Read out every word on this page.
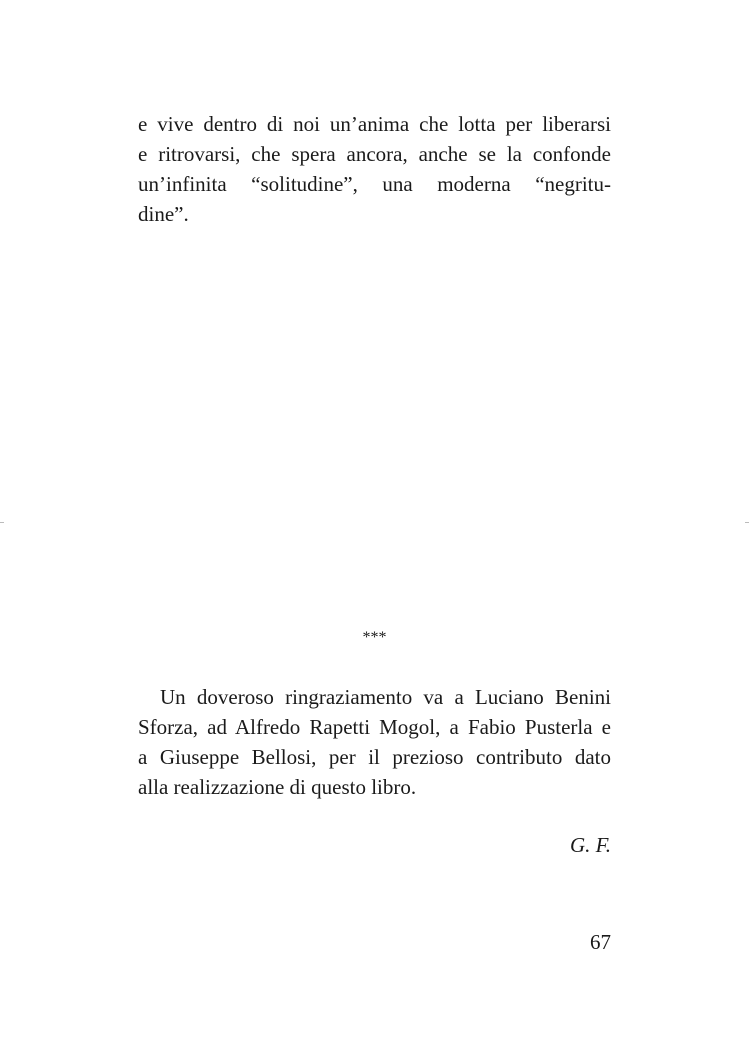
e vive dentro di noi un’anima che lotta per liberarsi
e ritrovarsi, che spera ancora, anche se la confonde
un’infinita “solitudine”, una moderna “negritu-
dine”.
***
Un doveroso ringraziamento va a Luciano Benini
Sforza, ad Alfredo Rapetti Mogol, a Fabio Pusterla e
a Giuseppe Bellosi, per il prezioso contributo dato
alla realizzazione di questo libro.
G. F.
67
